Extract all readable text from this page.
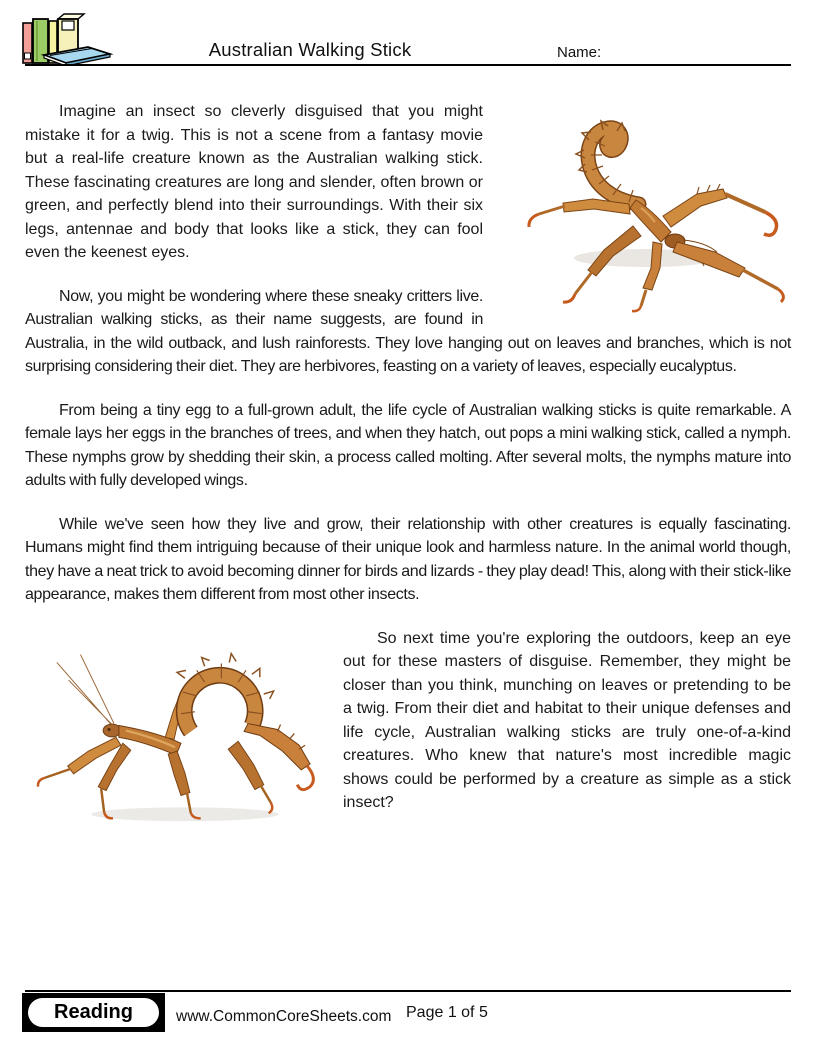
Australian Walking Stick	Name:

Imagine an insect so cleverly disguised that you might mistake it for a twig. This is not a scene from a fantasy movie but a real-life creature known as the Australian walking stick. These fascinating creatures are long and slender, often brown or green, and perfectly blend into their surroundings. With their six legs, antennae and body that looks like a stick, they can fool even the keenest eyes.

Now, you might be wondering where these sneaky critters live. Australian walking sticks, as their name suggests, are found in Australia, in the wild outback, and lush rainforests. They love hanging out on leaves and branches, which is not surprising considering their diet. They are herbivores, feasting on a variety of leaves, especially eucalyptus.

From being a tiny egg to a full-grown adult, the life cycle of Australian walking sticks is quite remarkable. A female lays her eggs in the branches of trees, and when they hatch, out pops a mini walking stick, called a nymph. These nymphs grow by shedding their skin, a process called molting. After several molts, the nymphs mature into adults with fully developed wings.

While we've seen how they live and grow, their relationship with other creatures is equally fascinating. Humans might find them intriguing because of their unique look and harmless nature. In the animal world though, they have a neat trick to avoid becoming dinner for birds and lizards - they play dead! This, along with their stick-like appearance, makes them different from most other insects.

So next time you're exploring the outdoors, keep an eye out for these masters of disguise. Remember, they might be closer than you think, munching on leaves or pretending to be a twig. From their diet and habitat to their unique defenses and life cycle, Australian walking sticks are truly one-of-a-kind creatures. Who knew that nature's most incredible magic shows could be performed by a creature as simple as a stick insect?

Reading	www.CommonCoreSheets.com Page 1 of 5
